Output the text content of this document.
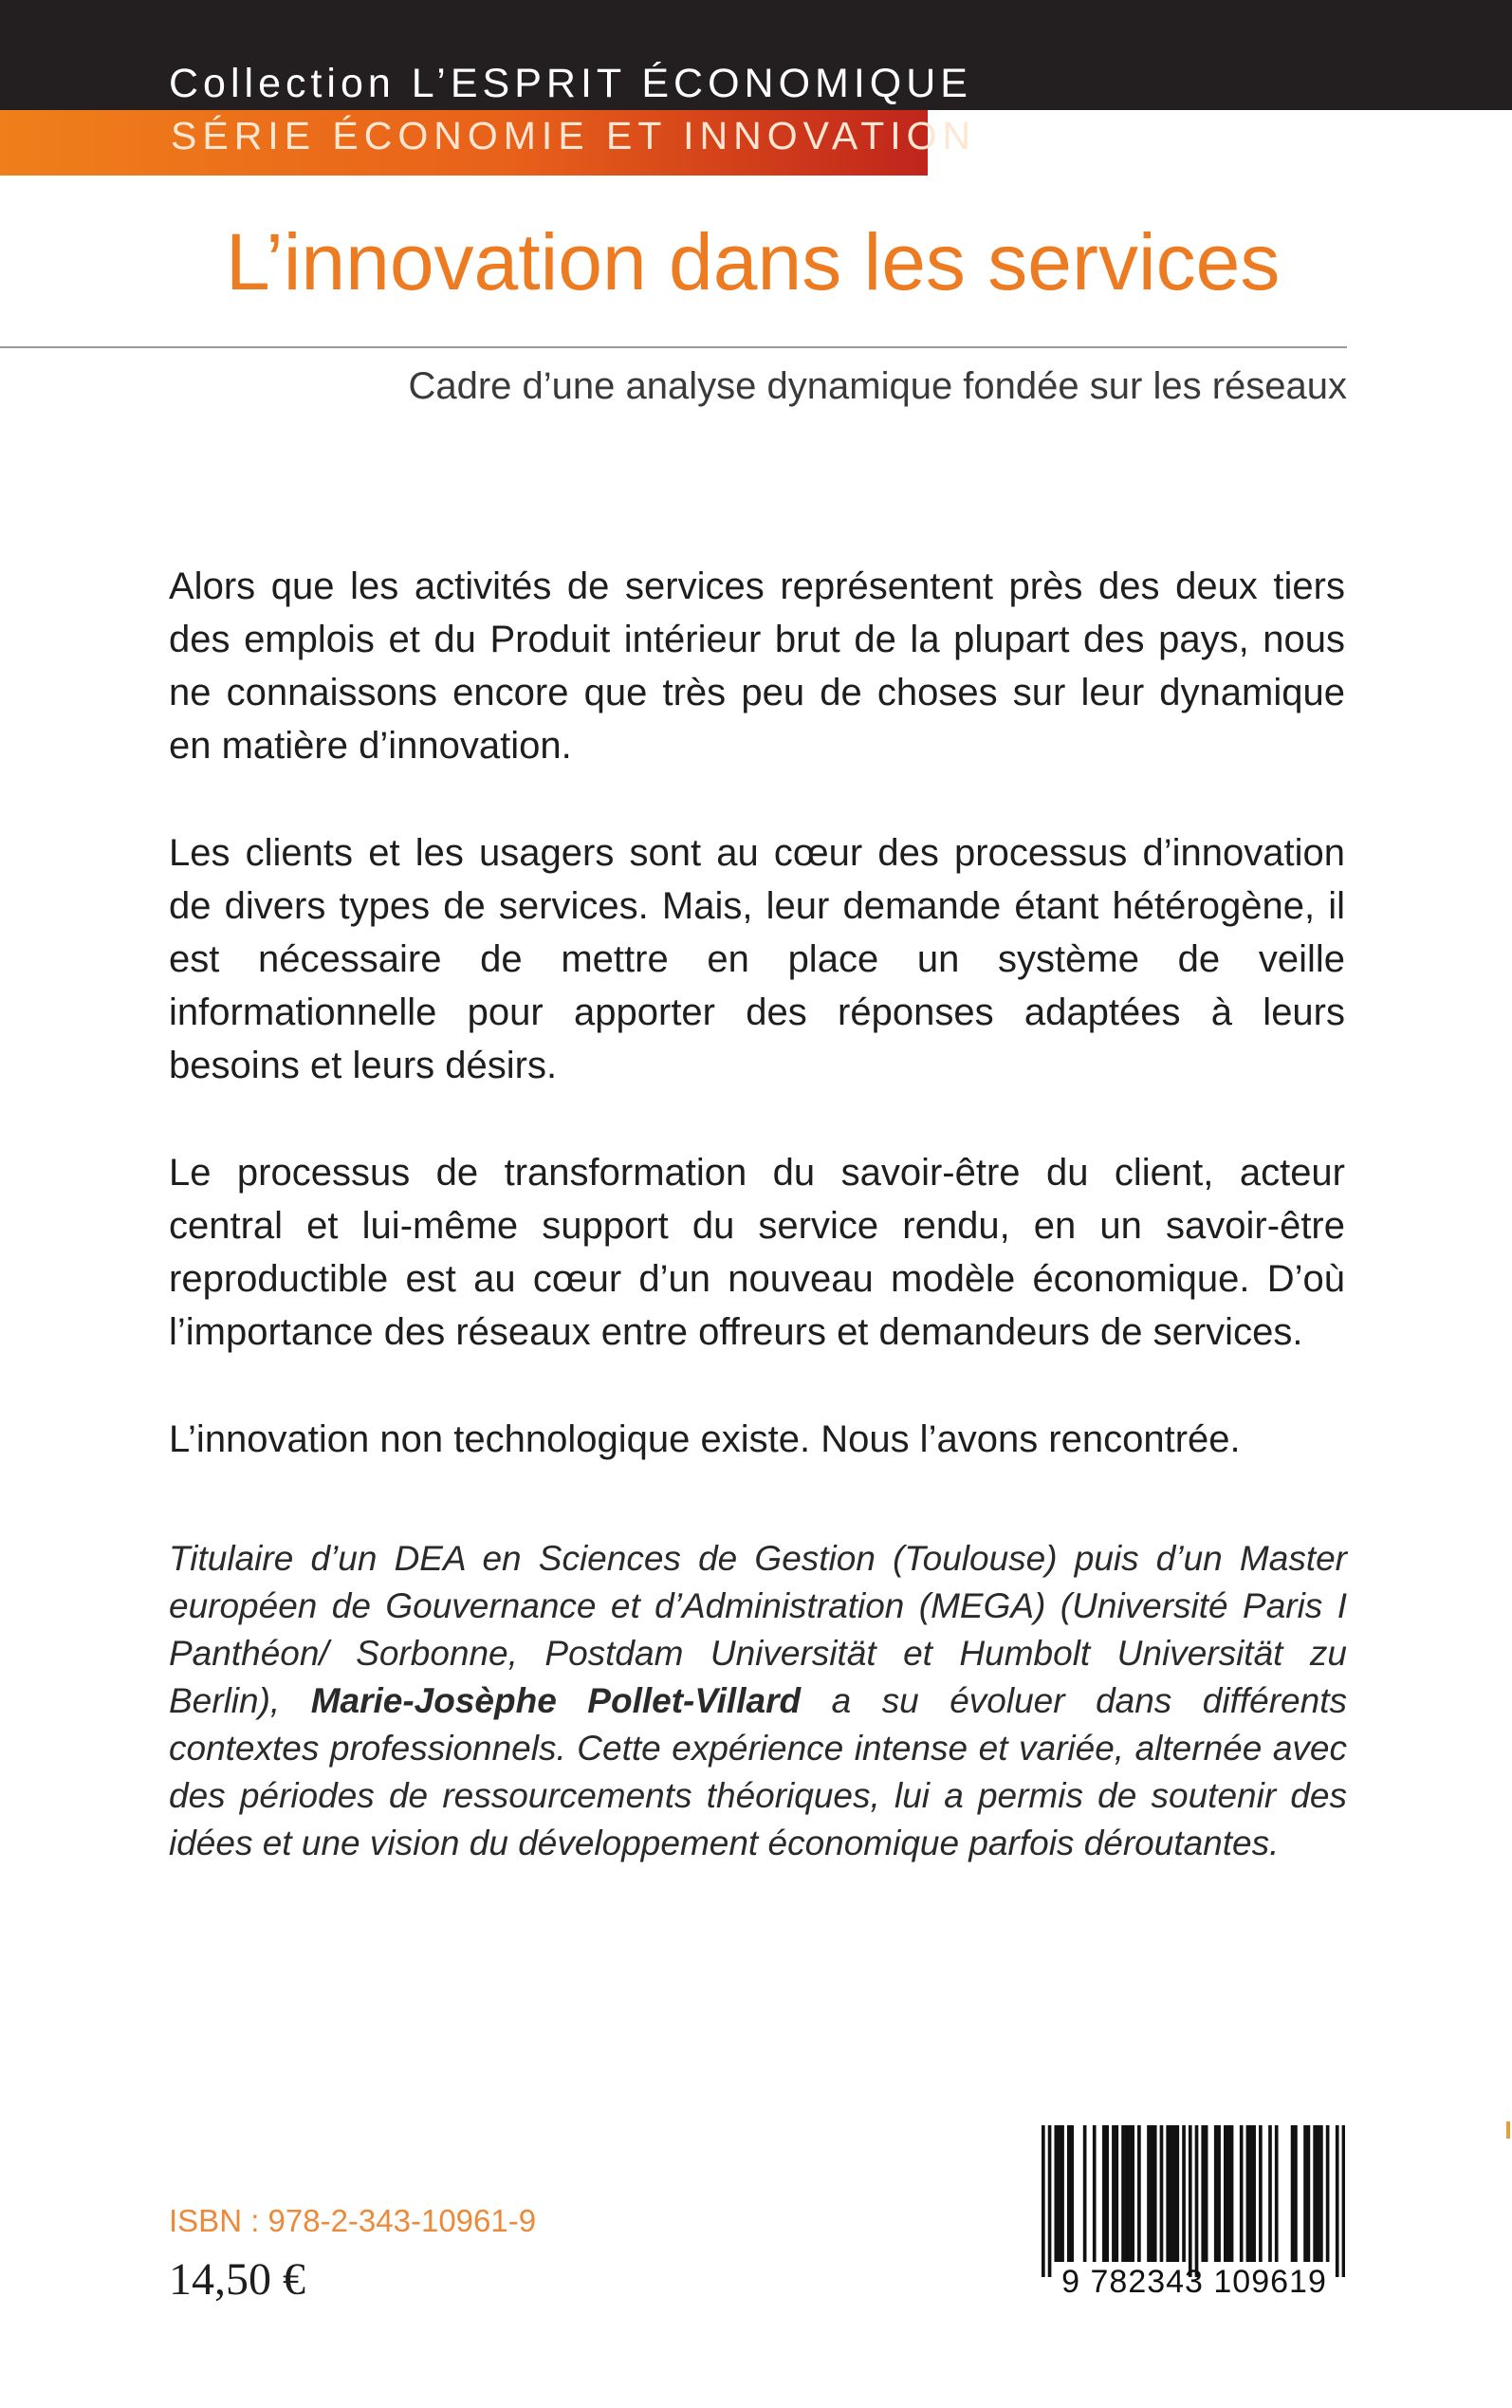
Collection L’ESPRIT ÉCONOMIQUE
SÉRIE ÉCONOMIE ET INNOVATION
L’innovation dans les services
Cadre d’une analyse dynamique fondée sur les réseaux

Alors que les activités de services représentent près des deux tiers des emplois et du Produit intérieur brut de la plupart des pays, nous ne connaissons encore que très peu de choses sur leur dynamique en matière d’innovation.

Les clients et les usagers sont au cœur des processus d’innovation de divers types de services. Mais, leur demande étant hétérogène, il est nécessaire de mettre en place un système de veille informationnelle pour apporter des réponses adaptées à leurs besoins et leurs désirs.

Le processus de transformation du savoir-être du client, acteur central et lui-même support du service rendu, en un savoir-être reproductible est au cœur d’un nouveau modèle économique. D’où l’importance des réseaux entre offreurs et demandeurs de services.

L’innovation non technologique existe. Nous l’avons rencontrée.

Titulaire d’un DEA en Sciences de Gestion (Toulouse) puis d’un Master européen de Gouvernance et d’Administration (MEGA) (Université Paris I Panthéon/ Sorbonne, Postdam Universität et Humbolt Universität zu Berlin), Marie-Josèphe Pollet-Villard a su évoluer dans différents contextes professionnels. Cette expérience intense et variée, alternée avec des périodes de ressourcements théoriques, lui a permis de soutenir des idées et une vision du développement économique parfois déroutantes.
ISBN : 978-2-343-10961-9
14,50 €	9 782343 109619
